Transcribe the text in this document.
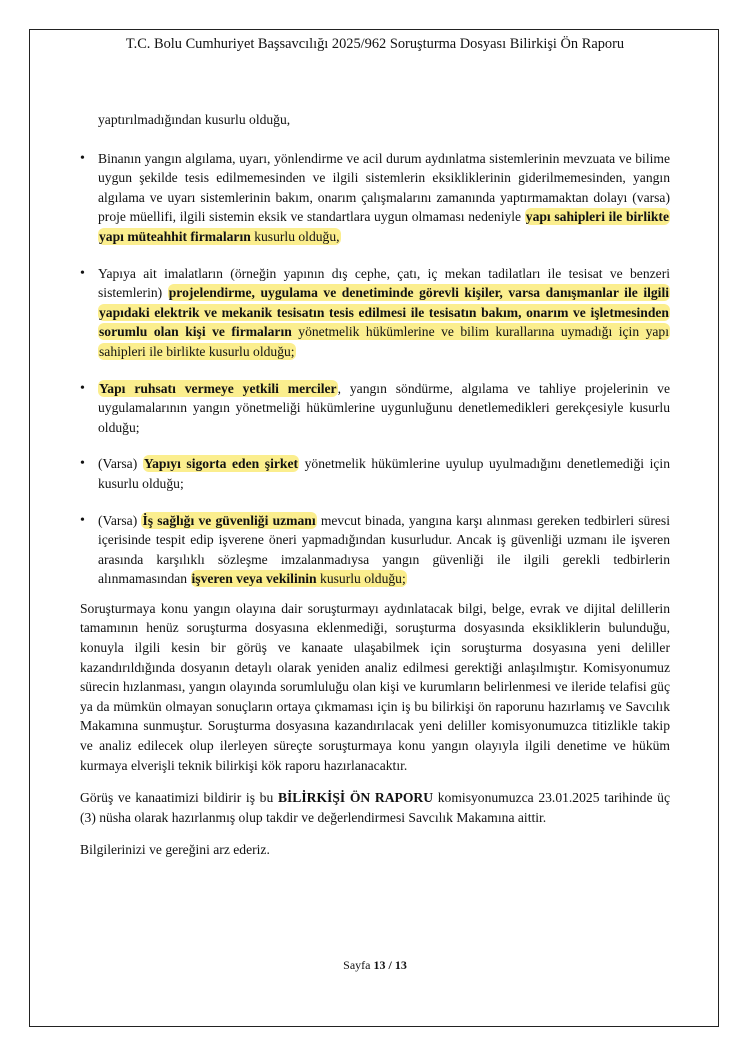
T.C. Bolu Cumhuriyet Başsavcılığı 2025/962 Soruşturma Dosyası Bilirkişi Ön Raporu

yaptırılmadığından kusurlu olduğu,

• Binanın yangın algılama, uyarı, yönlendirme ve acil durum aydınlatma sistemlerinin mevzuata ve bilime uygun şekilde tesis edilmemesinden ve ilgili sistemlerin eksikliklerinin giderilmemesinden, yangın algılama ve uyarı sistemlerinin bakım, onarım çalışmalarını zamanında yaptırmamaktan dolayı (varsa) proje müellifi, ilgili sistemin eksik ve standartlara uygun olmaması nedeniyle yapı sahipleri ile birlikte yapı müteahhit firmaların kusurlu olduğu,
• Yapıya ait imalatların (örneğin yapının dış cephe, çatı, iç mekan tadilatları ile tesisat ve benzeri sistemlerin) projelendirme, uygulama ve denetiminde görevli kişiler, varsa danışmanlar ile ilgili yapıdaki elektrik ve mekanik tesisatın tesis edilmesi ile tesisatın bakım, onarım ve işletmesinden sorumlu olan kişi ve firmaların yönetmelik hükümlerine ve bilim kurallarına uymadığı için yapı sahipleri ile birlikte kusurlu olduğu;
• Yapı ruhsatı vermeye yetkili merciler, yangın söndürme, algılama ve tahliye projelerinin ve uygulamalarının yangın yönetmeliği hükümlerine uygunluğunu denetlemedikleri gerekçesiyle kusurlu olduğu;
• (Varsa) Yapıyı sigorta eden şirket yönetmelik hükümlerine uyulup uyulmadığını denetlemediği için kusurlu olduğu;
• (Varsa) İş sağlığı ve güvenliği uzmanı mevcut binada, yangına karşı alınması gereken tedbirleri süresi içerisinde tespit edip işverene öneri yapmadığından kusurludur. Ancak iş güvenliği uzmanı ile işveren arasında karşılıklı sözleşme imzalanmadıysa yangın güvenliği ile ilgili gerekli tedbirlerin alınmamasından işveren veya vekilinin kusurlu olduğu;

Soruşturmaya konu yangın olayına dair soruşturmayı aydınlatacak bilgi, belge, evrak ve dijital delillerin tamamının henüz soruşturma dosyasına eklenmediği, soruşturma dosyasında eksikliklerin bulunduğu, konuyla ilgili kesin bir görüş ve kanaate ulaşabilmek için soruşturma dosyasına yeni deliller kazandırıldığında dosyanın detaylı olarak yeniden analiz edilmesi gerektiği anlaşılmıştır. Komisyonumuz sürecin hızlanması, yangın olayında sorumluluğu olan kişi ve kurumların belirlenmesi ve ileride telafisi güç ya da mümkün olmayan sonuçların ortaya çıkmaması için iş bu bilirkişi ön raporunu hazırlamış ve Savcılık Makamına sunmuştur. Soruşturma dosyasına kazandırılacak yeni deliller komisyonumuzca titizlikle takip ve analiz edilecek olup ilerleyen süreçte soruşturmaya konu yangın olayıyla ilgili denetime ve hüküm kurmaya elverişli teknik bilirkişi kök raporu hazırlanacaktır.

Görüş ve kanaatimizi bildirir iş bu BİLİRKİŞİ ÖN RAPORU komisyonumuzca 23.01.2025 tarihinde üç (3) nüsha olarak hazırlanmış olup takdir ve değerlendirmesi Savcılık Makamına aittir.

Bilgilerinizi ve gereğini arz ederiz.

Sayfa 13 / 13
